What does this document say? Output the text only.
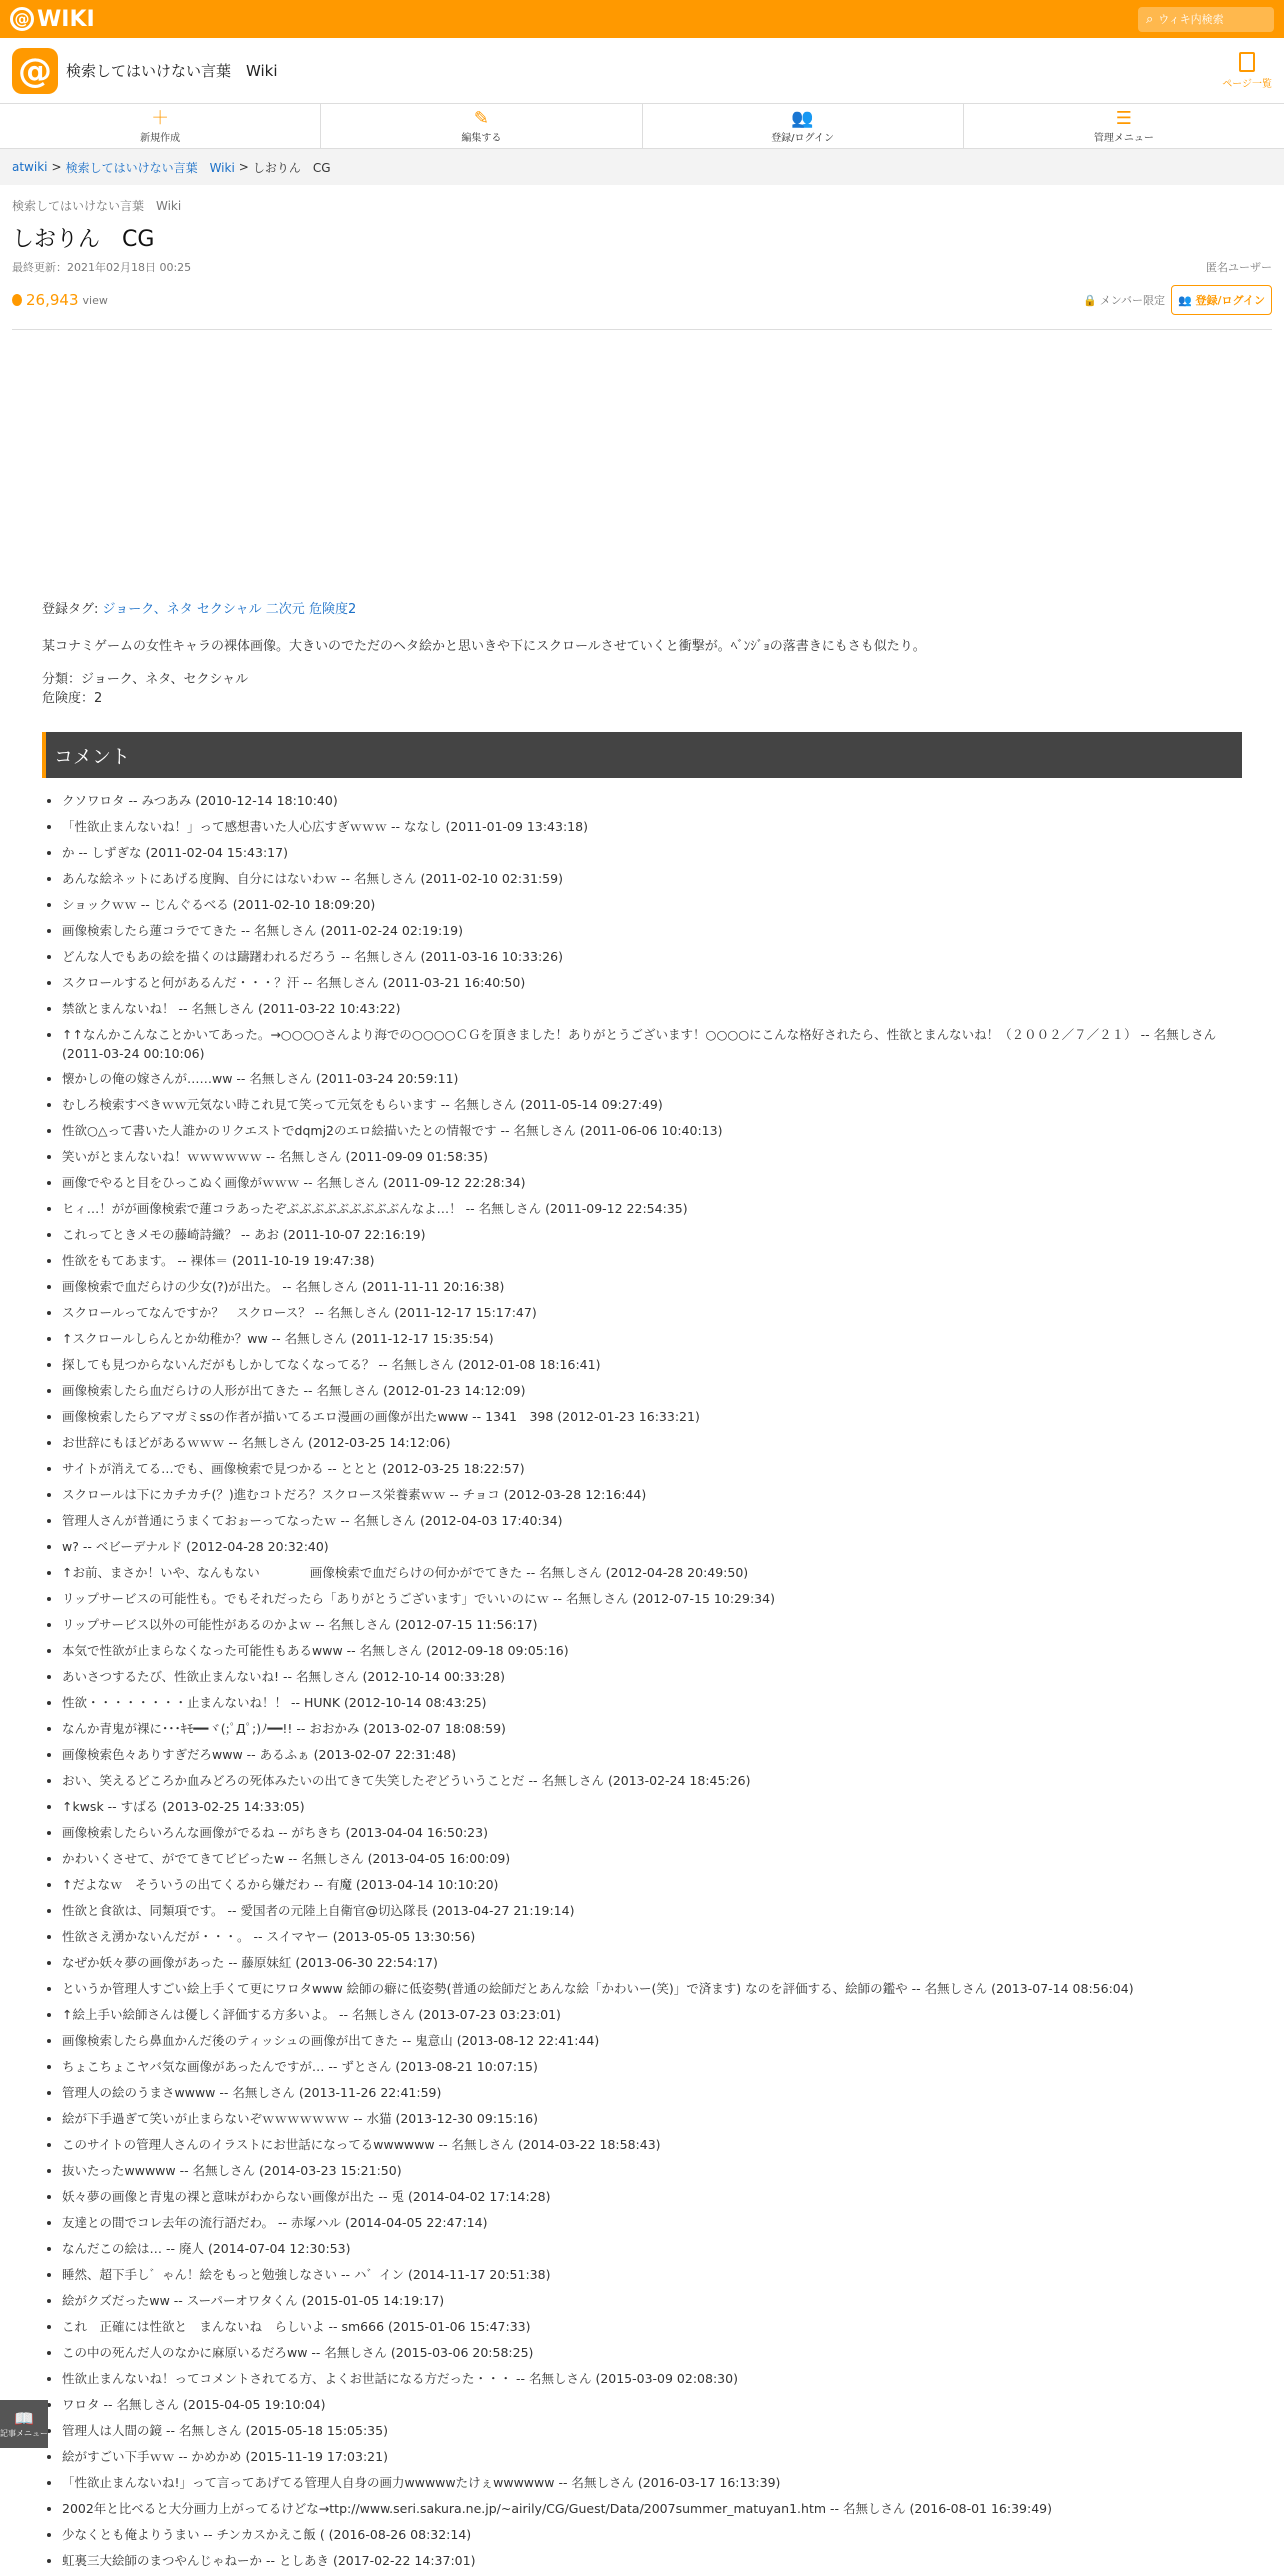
@ WIKI	⌕ ウィキ内検索
@ 検索してはいけない言葉　Wiki
ページ一覧
＋
新規作成
✎
編集する
👥
登録/ログイン
☰
管理メニュー
atwiki > 検索してはいけない言葉　Wiki > しおりん　CG
検索してはいけない言葉　Wiki
しおりん　CG
最終更新：2021年02月18日 00:25	匿名ユーザー
26,943 view	🔒 メンバー限定	👥 登録/ログイン
登録タグ: ジョーク、ネタ セクシャル 二次元 危険度2
某コナミゲームの女性キャラの裸体画像。大きいのでただのヘタ絵かと思いきや下にスクロールさせていくと衝撃が。ﾍﾞﾝｼﾞｮの落書きにもさも似たり。
分類：ジョーク、ネタ、セクシャル
危険度：2
コメント
• クソワロタ -- みつあみ (2010-12-14 18:10:40)
• 「性欲止まんないね！」って感想書いた人心広すぎｗｗｗ -- ななし (2011-01-09 13:43:18)
• か -- しずぎな (2011-02-04 15:43:17)
• あんな絵ネットにあげる度胸、自分にはないわｗ -- 名無しさん (2011-02-10 02:31:59)
• ショックｗｗ -- じんぐるべる (2011-02-10 18:09:20)
• 画像検索したら蓮コラでてきた -- 名無しさん (2011-02-24 02:19:19)
• どんな人でもあの絵を描くのは躊躇われるだろう -- 名無しさん (2011-03-16 10:33:26)
• スクロールすると何があるんだ・・・？汗 -- 名無しさん (2011-03-21 16:40:50)
• 禁欲とまんないね！ -- 名無しさん (2011-03-22 10:43:22)
• ↑↑なんかこんなことかいてあった。→○○○○さんより海での○○○○ＣＧを頂きました！ありがとうございます！○○○○にこんな格好されたら、性欲とまんないね！（２００２／７／２１） -- 名無しさん (2011-03-24 00:10:06)
• 懐かしの俺の嫁さんが……ww -- 名無しさん (2011-03-24 20:59:11)
• むしろ検索すべきｗｗ元気ない時これ見て笑って元気をもらいます -- 名無しさん (2011-05-14 09:27:49)
• 性欲○△って書いた人誰かのリクエストでdqmj2のエロ絵描いたとの情報です -- 名無しさん (2011-06-06 10:40:13)
• 笑いがとまんないね！ｗｗｗｗｗｗ -- 名無しさん (2011-09-09 01:58:35)
• 画像でやると目をひっこぬく画像がｗｗｗ -- 名無しさん (2011-09-12 22:28:34)
• ヒィ…！がが画像検索で蓮コラあったぞぶぶぶぶぶぶぶぶぶんなよ…！ -- 名無しさん (2011-09-12 22:54:35)
• これってときメモの藤崎詩織？ -- あお (2011-10-07 22:16:19)
• 性欲をもてあます。 -- 裸体＝ (2011-10-19 19:47:38)
• 画像検索で血だらけの少女(?)が出た。 -- 名無しさん (2011-11-11 20:16:38)
• スクロールってなんですか？　スクロース？ -- 名無しさん (2011-12-17 15:17:47)
• ↑スクロールしらんとか幼稚か？ww -- 名無しさん (2011-12-17 15:35:54)
• 探しても見つからないんだがもしかしてなくなってる？ -- 名無しさん (2012-01-08 18:16:41)
• 画像検索したら血だらけの人形が出てきた -- 名無しさん (2012-01-23 14:12:09)
• 画像検索したらアマガミssの作者が描いてるエロ漫画の画像が出たwww -- 1341　398 (2012-01-23 16:33:21)
• お世辞にもほどがあるｗｗｗ -- 名無しさん (2012-03-25 14:12:06)
• サイトが消えてる…でも、画像検索で見つかる -- ととと (2012-03-25 18:22:57)
• スクロールは下にカチカチ(？)進むコトだろ？スクロース栄養素ｗｗ -- チョコ (2012-03-28 12:16:44)
• 管理人さんが普通にうまくておぉーってなったｗ -- 名無しさん (2012-04-03 17:40:34)
• w? -- ベビーデナルド (2012-04-28 20:32:40)
• ↑お前、まさか！いや、なんもない　　　　画像検索で血だらけの何かがでてきた -- 名無しさん (2012-04-28 20:49:50)
• リップサービスの可能性も。でもそれだったら「ありがとうございます」でいいのにｗ -- 名無しさん (2012-07-15 10:29:34)
• リップサービス以外の可能性があるのかよｗ -- 名無しさん (2012-07-15 11:56:17)
• 本気で性欲が止まらなくなった可能性もあるwww -- 名無しさん (2012-09-18 09:05:16)
• あいさつするたび、性欲止まんないね! -- 名無しさん (2012-10-14 00:33:28)
• 性欲・・・・・・・・止まんないね！！ -- HUNK (2012-10-14 08:43:25)
• なんか青鬼が裸に･･･ｷﾓ━━ヾ(;ﾟДﾟ;)ﾉ━━!! -- おおかみ (2013-02-07 18:08:59)
• 画像検索色々ありすぎだろwww -- あるふぁ (2013-02-07 22:31:48)
• おい、笑えるどころか血みどろの死体みたいの出てきて失笑したぞどういうことだ -- 名無しさん (2013-02-24 18:45:26)
• ↑kwsk -- すばる (2013-02-25 14:33:05)
• 画像検索したらいろんな画像がでるね -- がちきち (2013-04-04 16:50:23)
• かわいくさせて、がでてきてビビったw -- 名無しさん (2013-04-05 16:00:09)
• ↑だよなｗ　そういうの出てくるから嫌だわ -- 有魔 (2013-04-14 10:10:20)
• 性欲と食欲は、同類項です。 -- 愛国者の元陸上自衛官@切込隊長 (2013-04-27 21:19:14)
• 性欲さえ湧かないんだが・・・。 -- スイマヤー (2013-05-05 13:30:56)
• なぜか妖々夢の画像があった -- 藤原妹紅 (2013-06-30 22:54:17)
• というか管理人すごい絵上手くて更にワロタwww 絵師の癖に低姿勢(普通の絵師だとあんな絵「かわいー(笑)」で済ます) なのを評価する、絵師の鑑や -- 名無しさん (2013-07-14 08:56:04)
• ↑絵上手い絵師さんは優しく評価する方多いよ。 -- 名無しさん (2013-07-23 03:23:01)
• 画像検索したら鼻血かんだ後のティッシュの画像が出てきた -- 鬼意山 (2013-08-12 22:41:44)
• ちょこちょこヤバ気な画像があったんですが… -- ずとさん (2013-08-21 10:07:15)
• 管理人の絵のうまさwwww -- 名無しさん (2013-11-26 22:41:59)
• 絵が下手過ぎて笑いが止まらないぞｗｗｗｗｗｗｗ -- 水猫 (2013-12-30 09:15:16)
• このサイトの管理人さんのイラストにお世話になってるwwwwww -- 名無しさん (2014-03-22 18:58:43)
• 抜いたったwwwww -- 名無しさん (2014-03-23 15:21:50)
• 妖々夢の画像と青鬼の裸と意味がわからない画像が出た -- 兎 (2014-04-02 17:14:28)
• 友達との間でコレ去年の流行語だわ。 -- 赤塚ハル (2014-04-05 22:47:14)
• なんだこの絵は… -- 廃人 (2014-07-04 12:30:53)
• 睡然、超下手し゛ゃん！絵をもっと勉強しなさい -- ハ゛イン (2014-11-17 20:51:38)
• 絵がクズだったww -- スーパーオワタくん (2015-01-05 14:19:17)
• これ　正確には性欲と　まんないね　らしいよ -- sm666 (2015-01-06 15:47:33)
• この中の死んだ人のなかに麻原いるだろww -- 名無しさん (2015-03-06 20:58:25)
• 性欲止まんないね！ってコメントされてる方、よくお世話になる方だった・・・ -- 名無しさん (2015-03-09 02:08:30)
• ワロタ -- 名無しさん (2015-04-05 19:10:04)
• 管理人は人間の鏡 -- 名無しさん (2015-05-18 15:05:35)
• 絵がすごい下手ｗｗ -- かめかめ (2015-11-19 17:03:21)
• 「性欲止まんないね!」って言ってあげてる管理人自身の画力wwwwwたけぇwwwwww -- 名無しさん (2016-03-17 16:13:39)
• 2002年と比べると大分画力上がってるけどな→ttp://www.seri.sakura.ne.jp/~airily/CG/Guest/Data/2007summer_matuyan1.htm -- 名無しさん (2016-08-01 16:39:49)
• 少なくとも俺よりうまい -- チンカスかえこ飯 ( (2016-08-26 08:32:14)
• 虹裏三大絵師のまつやんじゃねーか -- としあき (2017-02-22 14:37:01)
📖
記事メニュー
